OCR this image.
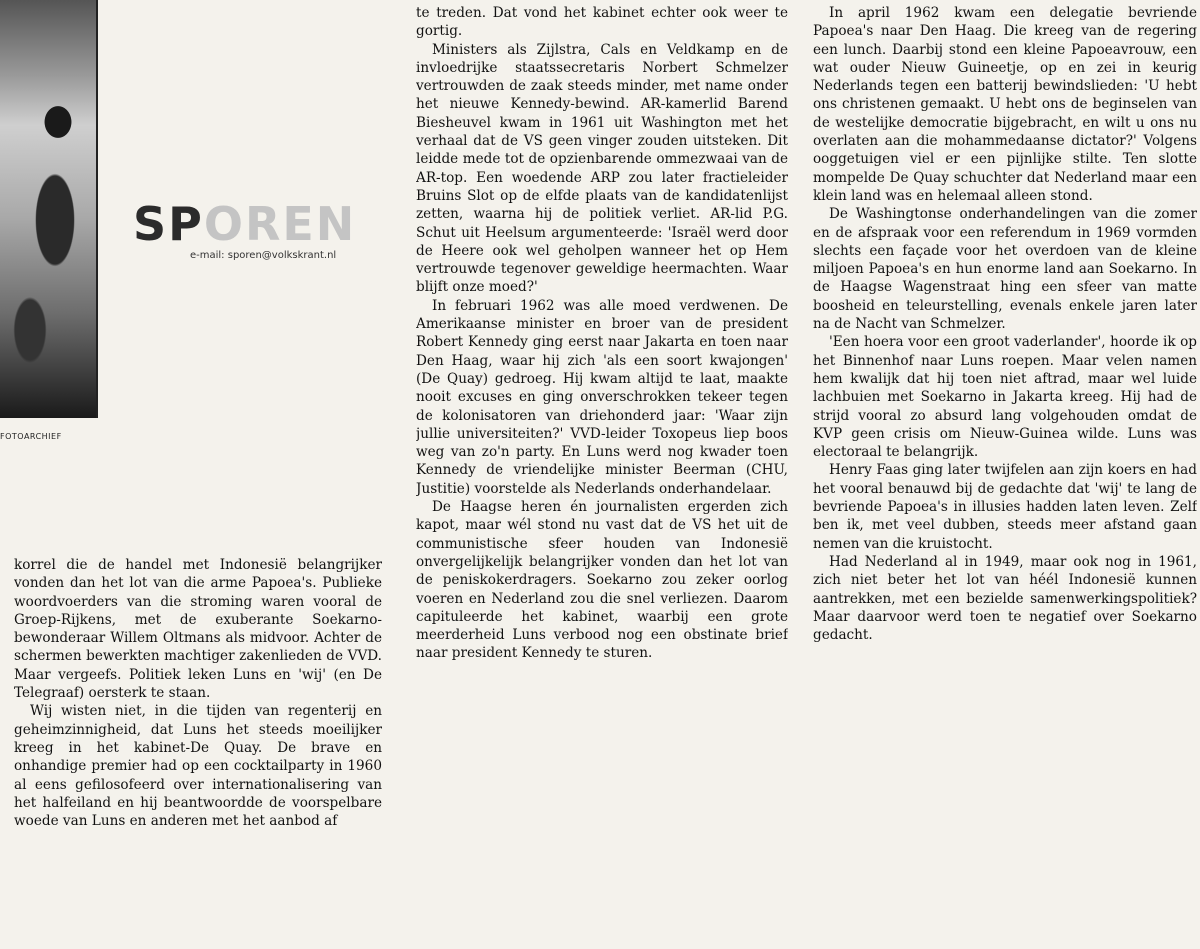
FOTOARCHIEF
SPOREN
e-mail: sporen@volkskrant.nl

korrel die de handel met Indonesië belangrijker vonden dan het lot van die arme Papoea's. Publieke woordvoerders van die stroming waren vooral de Groep-Rijkens, met de exuberante Soekarno-bewonderaar Willem Oltmans als midvoor. Achter de schermen bewerkten machtiger zakenlieden de VVD. Maar vergeefs. Politiek leken Luns en 'wij' (en De Telegraaf) oersterk te staan.

Wij wisten niet, in die tijden van regenterij en geheimzinnigheid, dat Luns het steeds moeilijker kreeg in het kabinet-De Quay. De brave en onhandige premier had op een cocktailparty in 1960 al eens gefilosofeerd over internationalisering van het halfeiland en hij beantwoordde de voorspelbare woede van Luns en anderen met het aanbod af

te treden. Dat vond het kabinet echter ook weer te gortig.

Ministers als Zijlstra, Cals en Veldkamp en de invloedrijke staatssecretaris Norbert Schmelzer vertrouwden de zaak steeds minder, met name onder het nieuwe Kennedy-bewind. AR-kamerlid Barend Biesheuvel kwam in 1961 uit Washington met het verhaal dat de VS geen vinger zouden uitsteken. Dit leidde mede tot de opzienbarende ommezwaai van de AR-top. Een woedende ARP zou later fractieleider Bruins Slot op de elfde plaats van de kandidatenlijst zetten, waarna hij de politiek verliet. AR-lid P.G. Schut uit Heelsum argumenteerde: 'Israël werd door de Heere ook wel geholpen wanneer het op Hem vertrouwde tegenover geweldige heermachten. Waar blijft onze moed?'

In februari 1962 was alle moed verdwenen. De Amerikaanse minister en broer van de president Robert Kennedy ging eerst naar Jakarta en toen naar Den Haag, waar hij zich 'als een soort kwajongen' (De Quay) gedroeg. Hij kwam altijd te laat, maakte nooit excuses en ging onverschrokken tekeer tegen de kolonisatoren van driehonderd jaar: 'Waar zijn jullie universiteiten?' VVD-leider Toxopeus liep boos weg van zo'n party. En Luns werd nog kwader toen Kennedy de vriendelijke minister Beerman (CHU, Justitie) voorstelde als Nederlands onderhandelaar.

De Haagse heren én journalisten ergerden zich kapot, maar wél stond nu vast dat de VS het uit de communistische sfeer houden van Indonesië onvergelijkelijk belangrijker vonden dan het lot van de peniskokerdragers. Soekarno zou zeker oorlog voeren en Nederland zou die snel verliezen. Daarom capituleerde het kabinet, waarbij een grote meerderheid Luns verbood nog een obstinate brief naar president Kennedy te sturen.

In april 1962 kwam een delegatie bevriende Papoea's naar Den Haag. Die kreeg van de regering een lunch. Daarbij stond een kleine Papoeavrouw, een wat ouder Nieuw Guineetje, op en zei in keurig Nederlands tegen een batterij bewindslieden: 'U hebt ons christenen gemaakt. U hebt ons de beginselen van de westelijke democratie bijgebracht, en wilt u ons nu overlaten aan die mohammedaanse dictator?' Volgens ooggetuigen viel er een pijnlijke stilte. Ten slotte mompelde De Quay schuchter dat Nederland maar een klein land was en helemaal alleen stond.

De Washingtonse onderhandelingen van die zomer en de afspraak voor een referendum in 1969 vormden slechts een façade voor het overdoen van de kleine miljoen Papoea's en hun enorme land aan Soekarno. In de Haagse Wagenstraat hing een sfeer van matte boosheid en teleurstelling, evenals enkele jaren later na de Nacht van Schmelzer.

'Een hoera voor een groot vaderlander', hoorde ik op het Binnenhof naar Luns roepen. Maar velen namen hem kwalijk dat hij toen niet aftrad, maar wel luide lachbuien met Soekarno in Jakarta kreeg. Hij had de strijd vooral zo absurd lang volgehouden omdat de KVP geen crisis om Nieuw-Guinea wilde. Luns was electoraal te belangrijk.

Henry Faas ging later twijfelen aan zijn koers en had het vooral benauwd bij de gedachte dat 'wij' te lang de bevriende Papoea's in illusies hadden laten leven. Zelf ben ik, met veel dubben, steeds meer afstand gaan nemen van die kruistocht.

Had Nederland al in 1949, maar ook nog in 1961, zich niet beter het lot van héél Indonesië kunnen aantrekken, met een bezielde samenwerkingspolitiek? Maar daarvoor werd toen te negatief over Soekarno gedacht.
